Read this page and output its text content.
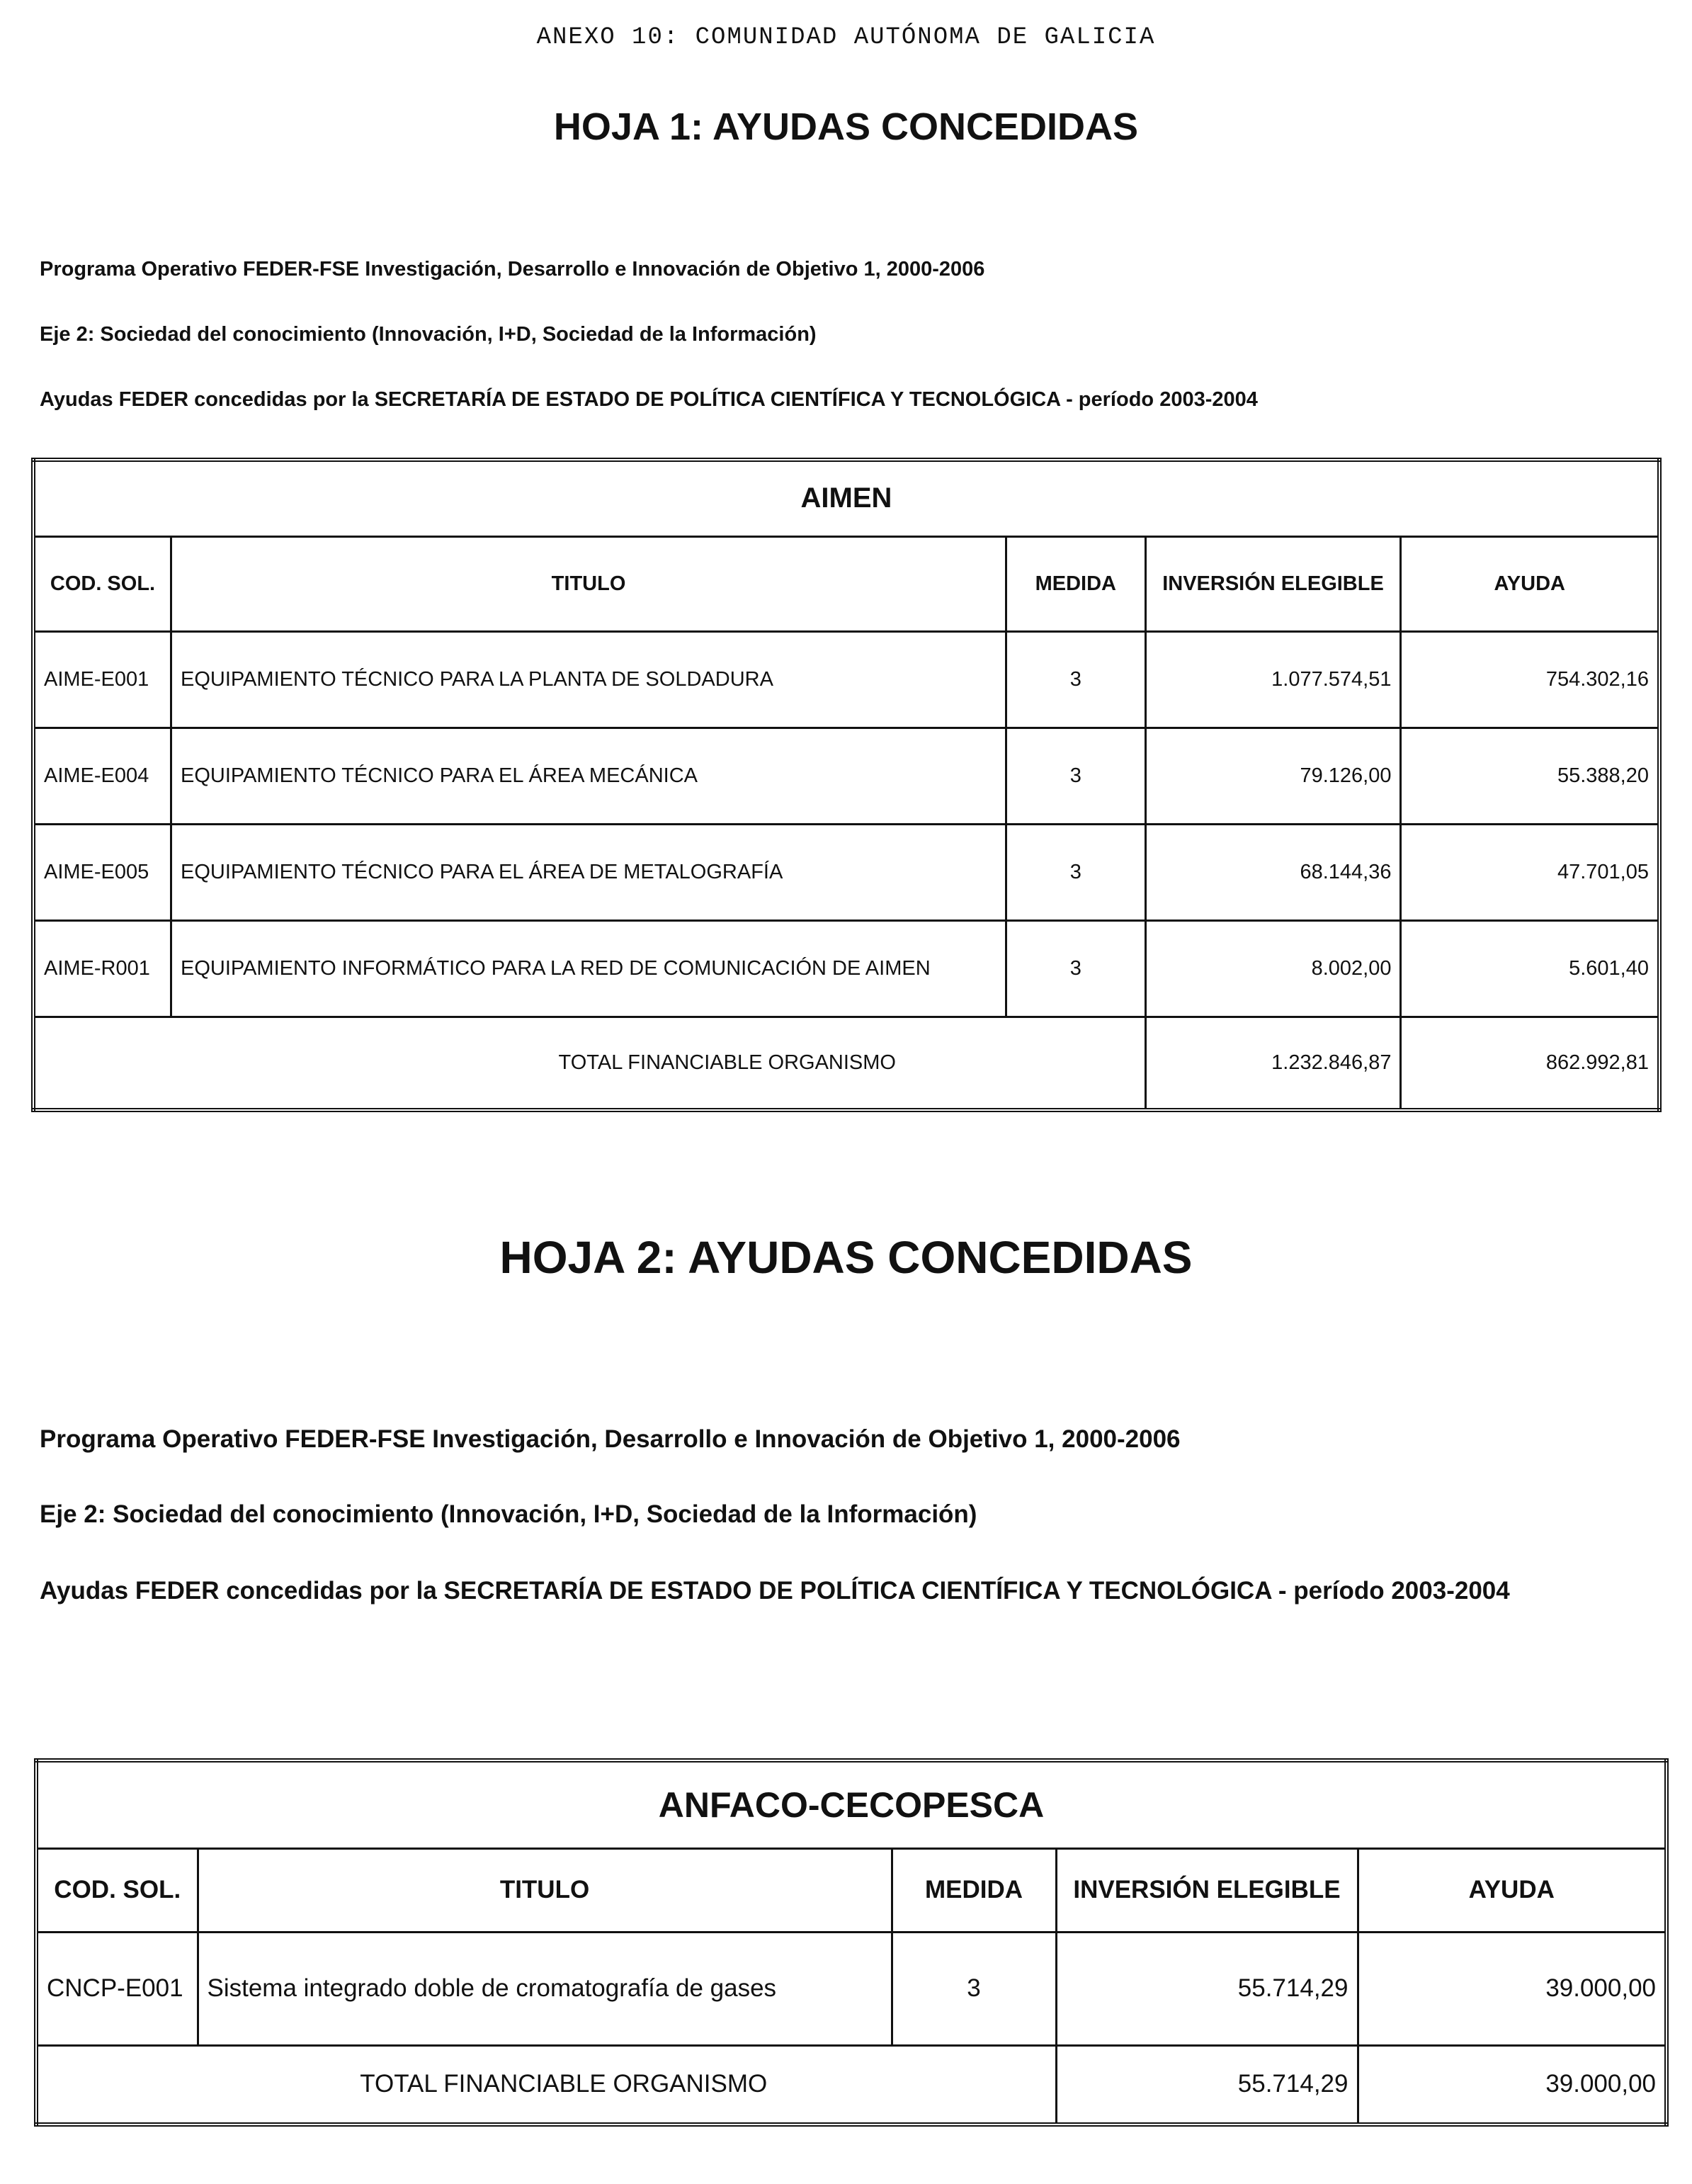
ANEXO 10: COMUNIDAD AUTÓNOMA DE GALICIA
HOJA 1: AYUDAS CONCEDIDAS
Programa Operativo FEDER-FSE Investigación, Desarrollo e Innovación de Objetivo 1, 2000-2006
Eje 2: Sociedad del conocimiento (Innovación, I+D, Sociedad de la Información)
Ayudas FEDER concedidas por la SECRETARÍA DE ESTADO DE POLÍTICA CIENTÍFICA Y TECNOLÓGICA - período 2003-2004
AIMEN				
COD. SOL.	TITULO	MEDIDA	INVERSIÓN ELEGIBLE	AYUDA
AIME-E001	EQUIPAMIENTO TÉCNICO PARA LA PLANTA DE SOLDADURA	3	1.077.574,51	754.302,16
AIME-E004	EQUIPAMIENTO TÉCNICO PARA EL ÁREA MECÁNICA	3	79.126,00	55.388,20
AIME-E005	EQUIPAMIENTO TÉCNICO PARA EL ÁREA DE METALOGRAFÍA	3	68.144,36	47.701,05
AIME-R001	EQUIPAMIENTO INFORMÁTICO PARA LA RED DE COMUNICACIÓN DE AIMEN	3	8.002,00	5.601,40
TOTAL FINANCIABLE ORGANISMO			1.232.846,87	862.992,81
HOJA 2: AYUDAS CONCEDIDAS
Programa Operativo FEDER-FSE Investigación, Desarrollo e Innovación de Objetivo 1, 2000-2006
Eje 2: Sociedad del conocimiento (Innovación, I+D, Sociedad de la Información)
Ayudas FEDER concedidas por la SECRETARÍA DE ESTADO DE POLÍTICA CIENTÍFICA Y TECNOLÓGICA - período 2003-2004
ANFACO-CECOPESCA				
COD. SOL.	TITULO	MEDIDA	INVERSIÓN ELEGIBLE	AYUDA
CNCP-E001	Sistema integrado doble de cromatografía de gases	3	55.714,29	39.000,00
TOTAL FINANCIABLE ORGANISMO			55.714,29	39.000,00
